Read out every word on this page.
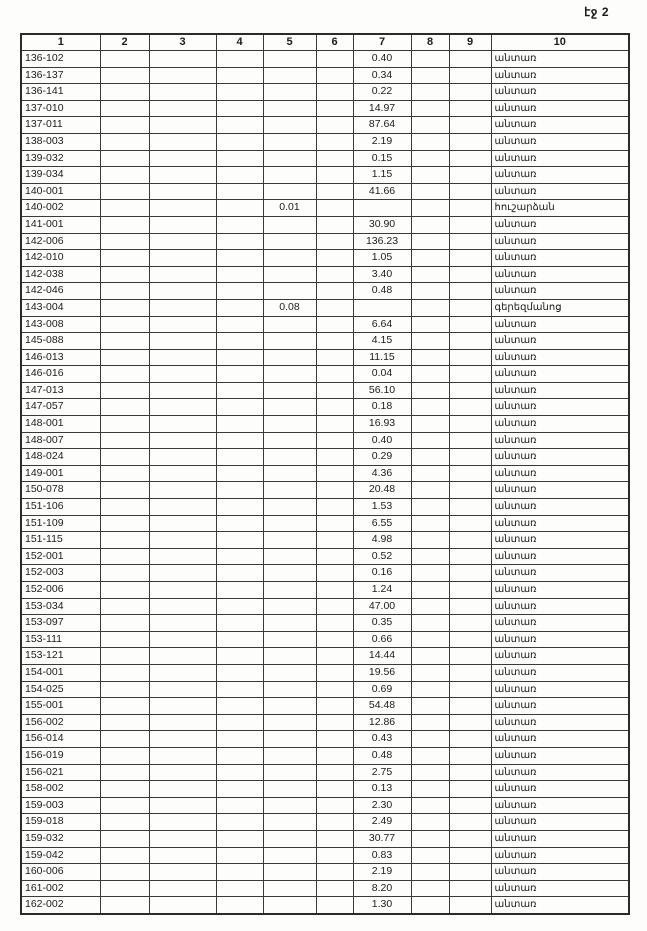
էջ 2
1	2	3	4	5	6	7	8	9	10
136-102						0.40			անտառ
136-137						0.34			անտառ
136-141						0.22			անտառ
137-010						14.97			անտառ
137-011						87.64			անտառ
138-003						2.19			անտառ
139-032						0.15			անտառ
139-034						1.15			անտառ
140-001						41.66			անտառ
140-002				0.01					հուշարձան
141-001						30.90			անտառ
142-006						136.23			անտառ
142-010						1.05			անտառ
142-038						3.40			անտառ
142-046						0.48			անտառ
143-004				0.08					գերեզմանոց
143-008						6.64			անտառ
145-088						4.15			անտառ
146-013						11.15			անտառ
146-016						0.04			անտառ
147-013						56.10			անտառ
147-057						0.18			անտառ
148-001						16.93			անտառ
148-007						0.40			անտառ
148-024						0.29			անտառ
149-001						4.36			անտառ
150-078						20.48			անտառ
151-106						1.53			անտառ
151-109						6.55			անտառ
151-115						4.98			անտառ
152-001						0.52			անտառ
152-003						0.16			անտառ
152-006						1.24			անտառ
153-034						47.00			անտառ
153-097						0.35			անտառ
153-111						0.66			անտառ
153-121						14.44			անտառ
154-001						19.56			անտառ
154-025						0.69			անտառ
155-001						54.48			անտառ
156-002						12.86			անտառ
156-014						0.43			անտառ
156-019						0.48			անտառ
156-021						2.75			անտառ
158-002						0.13			անտառ
159-003						2.30			անտառ
159-018						2.49			անտառ
159-032						30.77			անտառ
159-042						0.83			անտառ
160-006						2.19			անտառ
161-002						8.20			անտառ
162-002						1.30			անտառ
